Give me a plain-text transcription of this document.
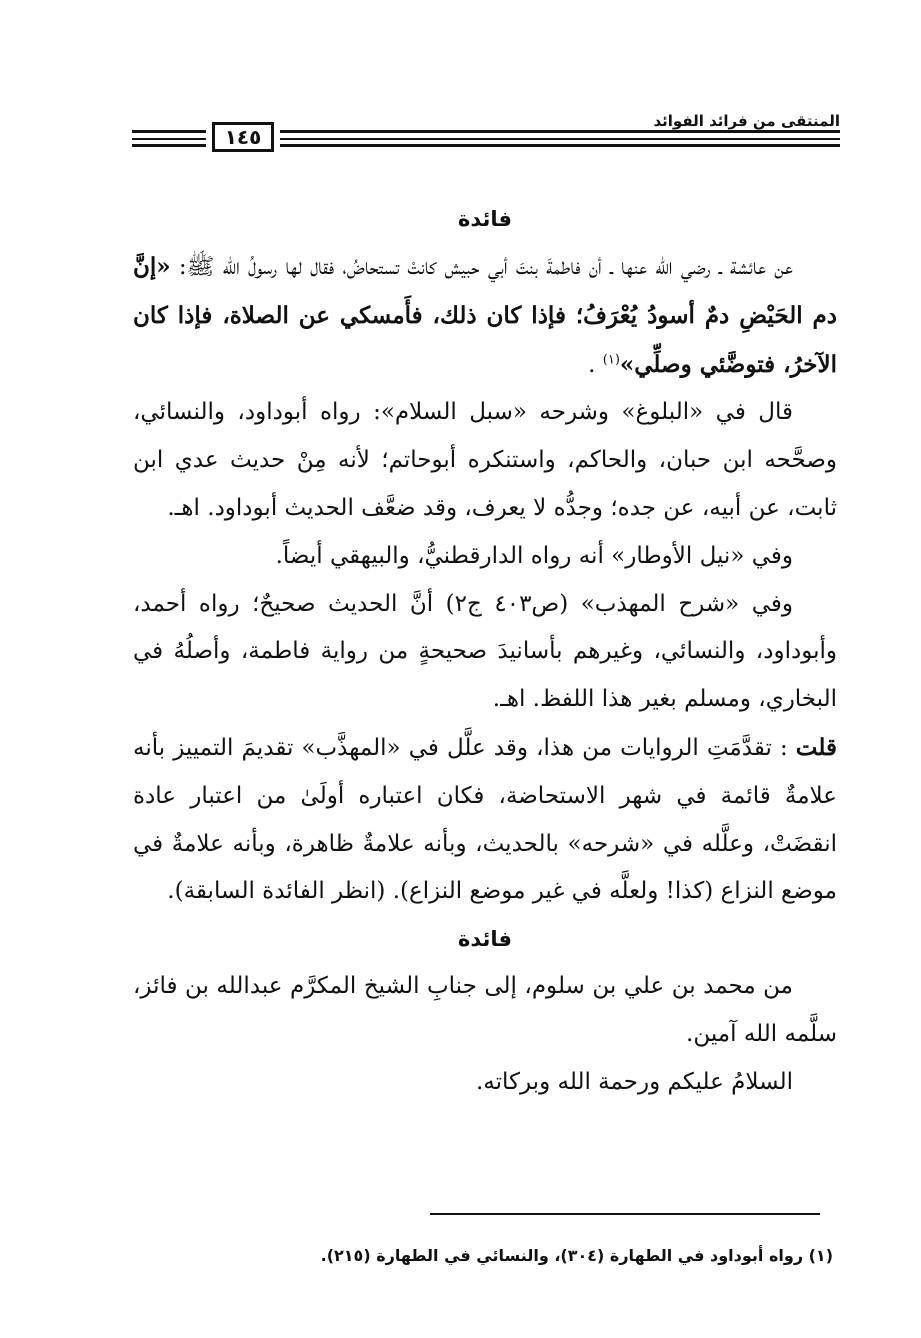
المنتقى من فرائد الفوائد
١٤٥

فائدة

عن عائشة ـ رضي الله عنها ـ أن فاطمةَ بنتَ أبي حبيش كانتْ تستحاضُ، فقال لها رسولُ الله ﷺ: «إنَّ دم الحَيْضِ دمٌ أسودُ يُعْرَفُ؛ فإذا كان ذلك، فأَمسكي عن الصلاة، فإذا كان الآخرُ، فتوضَّئي وصلِّي»$^{(١)}$ .

قال في «البلوغ» وشرحه «سبل السلام»: رواه أبوداود، والنسائي، وصحَّحه ابن حبان، والحاكم، واستنكره أبوحاتم؛ لأنه مِنْ حديث عدي ابن ثابت، عن أبيه، عن جده؛ وجدُّه لا يعرف، وقد ضعَّف الحديث أبوداود. اهـ.

وفي «نيل الأوطار» أنه رواه الدارقطنيُّ، والبيهقي أيضاً.

وفي «شرح المهذب» (ص٤٠٣ ج٢) أنَّ الحديث صحيحٌ؛ رواه أحمد، وأبوداود، والنسائي، وغيرهم بأسانيدَ صحيحةٍ من رواية فاطمة، وأصلُهُ في البخاري، ومسلم بغير هذا اللفظ. اهـ.

قلت : تقدَّمَتِ الروايات من هذا، وقد علَّل في «المهذَّب» تقديمَ التمييز بأنه علامةٌ قائمة في شهر الاستحاضة، فكان اعتباره أولَىٰ من اعتبار عادة انقضَتْ، وعلَّله في «شرحه» بالحديث، وبأنه علامةٌ ظاهرة، وبأنه علامةٌ في موضع النزاع (كذا! ولعلَّه في غير موضع النزاع). (انظر الفائدة السابقة).

فائدة

من محمد بن علي بن سلوم، إلى جنابِ الشيخ المكرَّم عبدالله بن فائز، سلَّمه الله آمين.

السلامُ عليكم ورحمة الله وبركاته.

(١) رواه أبوداود في الطهارة (٣٠٤)، والنسائي في الطهارة (٢١٥).
